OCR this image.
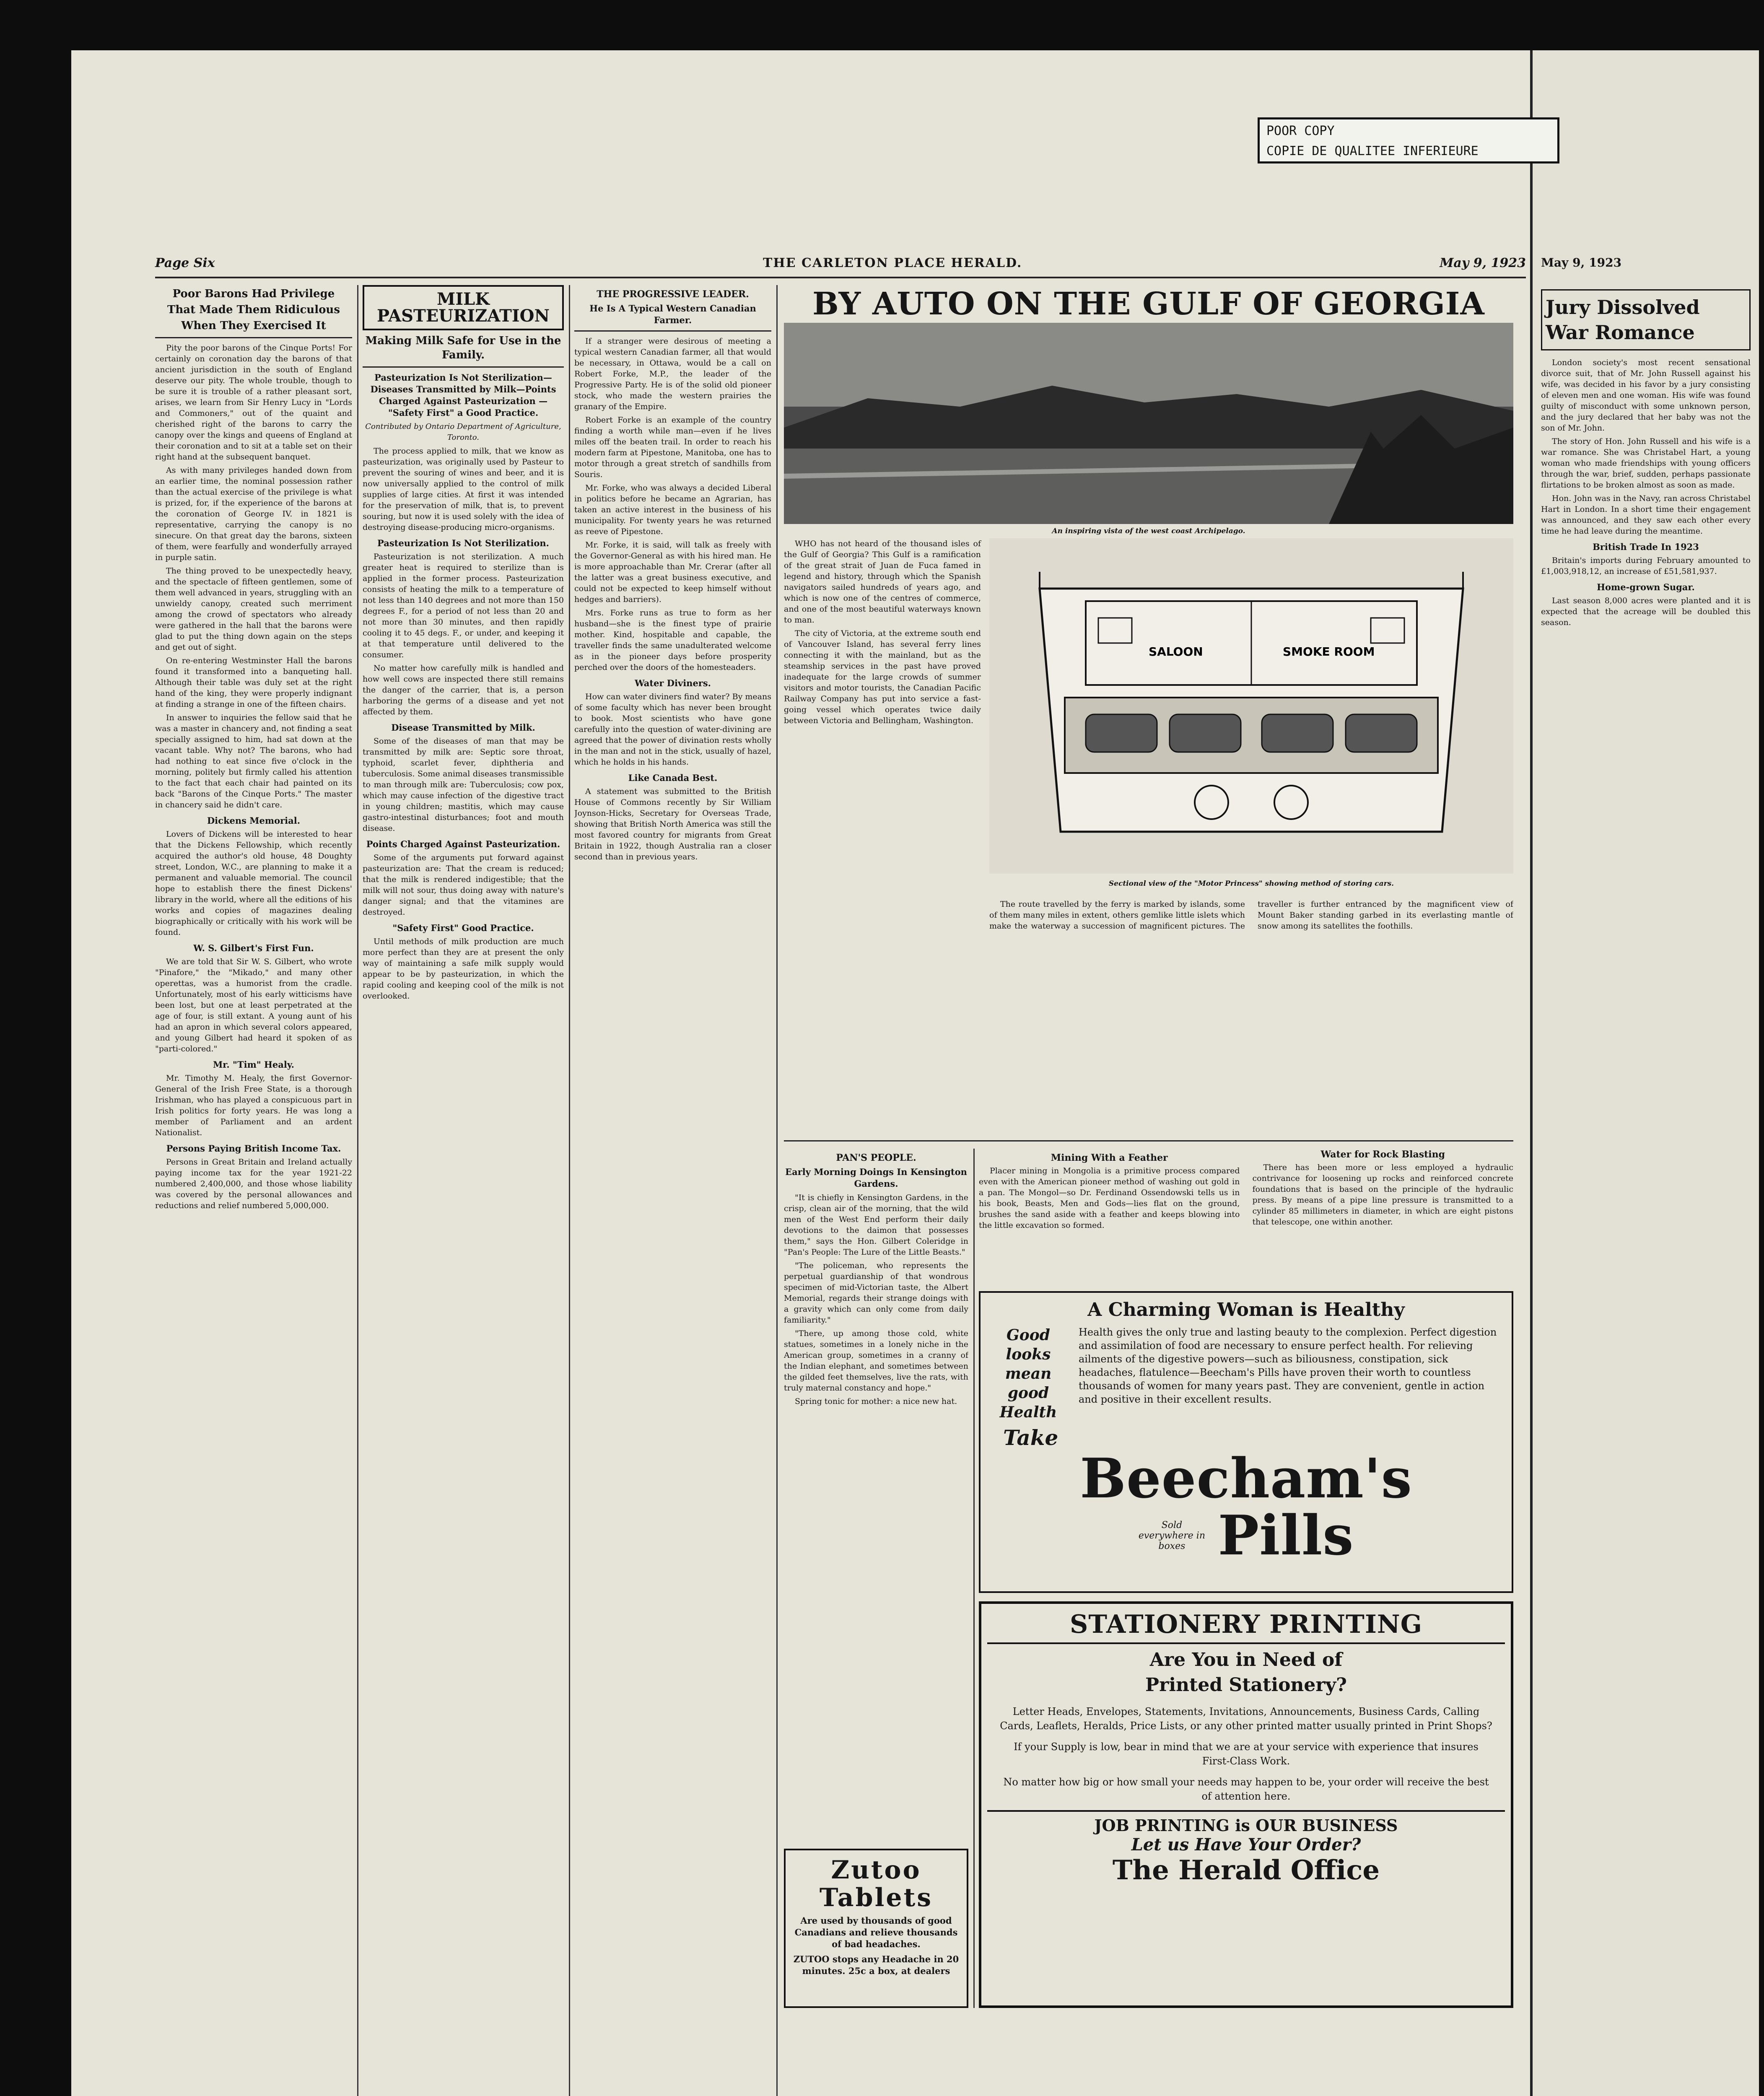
Page Six	THE CARLETON PLACE HERALD.	May 9, 1923
Poor Barons Had Privilege
That Made Them Ridiculous
When They Exercised It

Pity the poor barons of the Cinque Ports! For certainly on coronation day the barons of that ancient jurisdiction in the south of England deserve our pity. The whole trouble, though to be sure it is trouble of a rather pleasant sort, arises, we learn from Sir Henry Lucy in "Lords and Commoners," out of the quaint and cherished right of the barons to carry the canopy over the kings and queens of England at their coronation and to sit at a table set on their right hand at the subsequent banquet.

As with many privileges handed down from an earlier time, the nominal possession rather than the actual exercise of the privilege is what is prized, for, if the experience of the barons at the coronation of George IV. in 1821 is representative, carrying the canopy is no sinecure. On that great day the barons, sixteen of them, were fearfully and wonderfully arrayed in purple satin.

The thing proved to be unexpectedly heavy, and the spectacle of fifteen gentlemen, some of them well advanced in years, struggling with an unwieldy canopy, created such merriment among the crowd of spectators who already were gathered in the hall that the barons were glad to put the thing down again on the steps and get out of sight.

On re-entering Westminster Hall the barons found it transformed into a banqueting hall. Although their table was duly set at the right hand of the king, they were properly indignant at finding a strange in one of the fifteen chairs.

In answer to inquiries the fellow said that he was a master in chancery and, not finding a seat specially assigned to him, had sat down at the vacant table. Why not? The barons, who had had nothing to eat since five o'clock in the morning, politely but firmly called his attention to the fact that each chair had painted on its back "Barons of the Cinque Ports." The master in chancery said he didn't care.

Dickens Memorial.

Lovers of Dickens will be interested to hear that the Dickens Fellowship, which recently acquired the author's old house, 48 Doughty street, London, W.C., are planning to make it a permanent and valuable memorial. The council hope to establish there the finest Dickens' library in the world, where all the editions of his works and copies of magazines dealing biographically or critically with his work will be found.

W. S. Gilbert's First Fun.

We are told that Sir W. S. Gilbert, who wrote "Pinafore," the "Mikado," and many other operettas, was a humorist from the cradle. Unfortunately, most of his early witticisms have been lost, but one at least perpetrated at the age of four, is still extant. A young aunt of his had an apron in which several colors appeared, and young Gilbert had heard it spoken of as "parti-colored."

Mr. "Tim" Healy.

Mr. Timothy M. Healy, the first Governor-General of the Irish Free State, is a thorough Irishman, who has played a conspicuous part in Irish politics for forty years. He was long a member of Parliament and an ardent Nationalist.

Persons Paying British Income Tax.

Persons in Great Britain and Ireland actually paying income tax for the year 1921-22 numbered 2,400,000, and those whose liability was covered by the personal allowances and reductions and relief numbered 5,000,000.

MILK PASTEURIZATION
Making Milk Safe for Use in the Family.
Pasteurization Is Not Sterilization—Diseases Transmitted by Milk—Points Charged Against Pasteurization — "Safety First" a Good Practice.
Contributed by Ontario Department of Agriculture, Toronto.

The process applied to milk, that we know as pasteurization, was originally used by Pasteur to prevent the souring of wines and beer, and it is now universally applied to the control of milk supplies of large cities. At first it was intended for the preservation of milk, that is, to prevent souring, but now it is used solely with the idea of destroying disease-producing micro-organisms.

Pasteurization Is Not Sterilization.

Pasteurization is not sterilization. A much greater heat is required to sterilize than is applied in the former process. Pasteurization consists of heating the milk to a temperature of not less than 140 degrees and not more than 150 degrees F., for a period of not less than 20 and not more than 30 minutes, and then rapidly cooling it to 45 degs. F., or under, and keeping it at that temperature until delivered to the consumer.

No matter how carefully milk is handled and how well cows are inspected there still remains the danger of the carrier, that is, a person harboring the germs of a disease and yet not affected by them.

Disease Transmitted by Milk.

Some of the diseases of man that may be transmitted by milk are: Septic sore throat, typhoid, scarlet fever, diphtheria and tuberculosis. Some animal diseases transmissible to man through milk are: Tuberculosis; cow pox, which may cause infection of the digestive tract in young children; mastitis, which may cause gastro-intestinal disturbances; foot and mouth disease.

Points Charged Against Pasteurization.

Some of the arguments put forward against pasteurization are: That the cream is reduced; that the milk is rendered indigestible; that the milk will not sour, thus doing away with nature's danger signal; and that the vitamines are destroyed.

"Safety First" Good Practice.

Until methods of milk production are much more perfect than they are at present the only way of maintaining a safe milk supply would appear to be by pasteurization, in which the rapid cooling and keeping cool of the milk is not overlooked.

THE PROGRESSIVE LEADER.
He Is A Typical Western Canadian Farmer.

If a stranger were desirous of meeting a typical western Canadian farmer, all that would be necessary, in Ottawa, would be a call on Robert Forke, M.P., the leader of the Progressive Party. He is of the solid old pioneer stock, who made the western prairies the granary of the Empire.

Robert Forke is an example of the country finding a worth while man—even if he lives miles off the beaten trail. In order to reach his modern farm at Pipestone, Manitoba, one has to motor through a great stretch of sandhills from Souris.

Mr. Forke, who was always a decided Liberal in politics before he became an Agrarian, has taken an active interest in the business of his municipality. For twenty years he was returned as reeve of Pipestone.

Mr. Forke, it is said, will talk as freely with the Governor-General as with his hired man. He is more approachable than Mr. Crerar (after all the latter was a great business executive, and could not be expected to keep himself without hedges and barriers).

Mrs. Forke runs as true to form as her husband—she is the finest type of prairie mother. Kind, hospitable and capable, the traveller finds the same unadulterated welcome as in the pioneer days before prosperity perched over the doors of the homesteaders.

Water Diviners.

How can water diviners find water? By means of some faculty which has never been brought to book. Most scientists who have gone carefully into the question of water-divining are agreed that the power of divination rests wholly in the man and not in the stick, usually of hazel, which he holds in his hands.

Like Canada Best.

A statement was submitted to the British House of Commons recently by Sir William Joynson-Hicks, Secretary for Overseas Trade, showing that British North America was still the most favored country for migrants from Great Britain in 1922, though Australia ran a closer second than in previous years.

BY AUTO ON THE GULF OF GEORGIA
An inspiring vista of the west coast Archipelago.

WHO has not heard of the thousand isles of the Gulf of Georgia? This Gulf is a ramification of the great strait of Juan de Fuca famed in legend and history, through which the Spanish navigators sailed hundreds of years ago, and which is now one of the centres of commerce, and one of the most beautiful waterways known to man.

The city of Victoria, at the extreme south end of Vancouver Island, has several ferry lines connecting it with the mainland, but as the steamship services in the past have proved inadequate for the large crowds of summer visitors and motor tourists, the Canadian Pacific Railway Company has put into service a fast-going vessel which operates twice daily between Victoria and Bellingham, Washington.

SALOON	SMOKE ROOM
Sectional view of the "Motor Princess" showing method of storing cars.

The route travelled by the ferry is marked by islands, some of them many miles in extent, others gemlike little islets which make the waterway a succession of magnificent pictures. The traveller is further entranced by the magnificent view of Mount Baker standing garbed in its everlasting mantle of snow among its satellites the foothills.

PAN'S PEOPLE.
Early Morning Doings In Kensington Gardens.

"It is chiefly in Kensington Gardens, in the crisp, clean air of the morning, that the wild men of the West End perform their daily devotions to the daimon that possesses them," says the Hon. Gilbert Coleridge in "Pan's People: The Lure of the Little Beasts."

"The policeman, who represents the perpetual guardianship of that wondrous specimen of mid-Victorian taste, the Albert Memorial, regards their strange doings with a gravity which can only come from daily familiarity."

"There, up among those cold, white statues, sometimes in a lonely niche in the American group, sometimes in a cranny of the Indian elephant, and sometimes between the gilded feet themselves, live the rats, with truly maternal constancy and hope."

Spring tonic for mother: a nice new hat.

Zutoo
Tablets
Are used by thousands of good Canadians and relieve thousands of bad headaches.
ZUTOO stops any Headache in 20 minutes. 25c a box, at dealers
Mining With a Feather

Placer mining in Mongolia is a primitive process compared even with the American pioneer method of washing out gold in a pan. The Mongol—so Dr. Ferdinand Ossendowski tells us in his book, Beasts, Men and Gods—lies flat on the ground, brushes the sand aside with a feather and keeps blowing into the little excavation so formed.

Water for Rock Blasting

There has been more or less employed a hydraulic contrivance for loosening up rocks and reinforced concrete foundations that is based on the principle of the hydraulic press. By means of a pipe line pressure is transmitted to a cylinder 85 millimeters in diameter, in which are eight pistons that telescope, one within another.

A Charming Woman is Healthy
Good looks mean good Health
Health gives the only true and lasting beauty to the complexion. Perfect digestion and assimilation of food are necessary to ensure perfect health. For relieving ailments of the digestive powers—such as biliousness, constipation, sick headaches, flatulence—Beecham's Pills have proven their worth to countless thousands of women for many years past. They are convenient, gentle in action and positive in their excellent results.
Take
Beecham's
Sold everywhere in boxes Pills
STATIONERY PRINTING
Are You in Need of
Printed Stationery?
Letter Heads, Envelopes, Statements, Invitations, Announcements, Business Cards, Calling Cards, Leaflets, Heralds, Price Lists, or any other printed matter usually printed in Print Shops?
If your Supply is low, bear in mind that we are at your service with experience that insures First-Class Work.
No matter how big or how small your needs may happen to be, your order will receive the best of attention here.
JOB PRINTING is OUR BUSINESS
Let us Have Your Order?
The Herald Office
May 9, 1923
Jury Dissolved
War Romance

London society's most recent sensational divorce suit, that of Mr. John Russell against his wife, was decided in his favor by a jury consisting of eleven men and one woman. His wife was found guilty of misconduct with some unknown person, and the jury declared that her baby was not the son of Mr. John.

The story of Hon. John Russell and his wife is a war romance. She was Christabel Hart, a young woman who made friendships with young officers through the war, brief, sudden, perhaps passionate flirtations to be broken almost as soon as made.

Hon. John was in the Navy, ran across Christabel Hart in London. In a short time their engagement was announced, and they saw each other every time he had leave during the meantime.

British Trade In 1923

Britain's imports during February amounted to £1,003,918,12, an increase of £51,581,937.

Home-grown Sugar.

Last season 8,000 acres were planted and it is expected that the acreage will be doubled this season.

POOR COPY
COPIE DE QUALITEE INFERIEURE
